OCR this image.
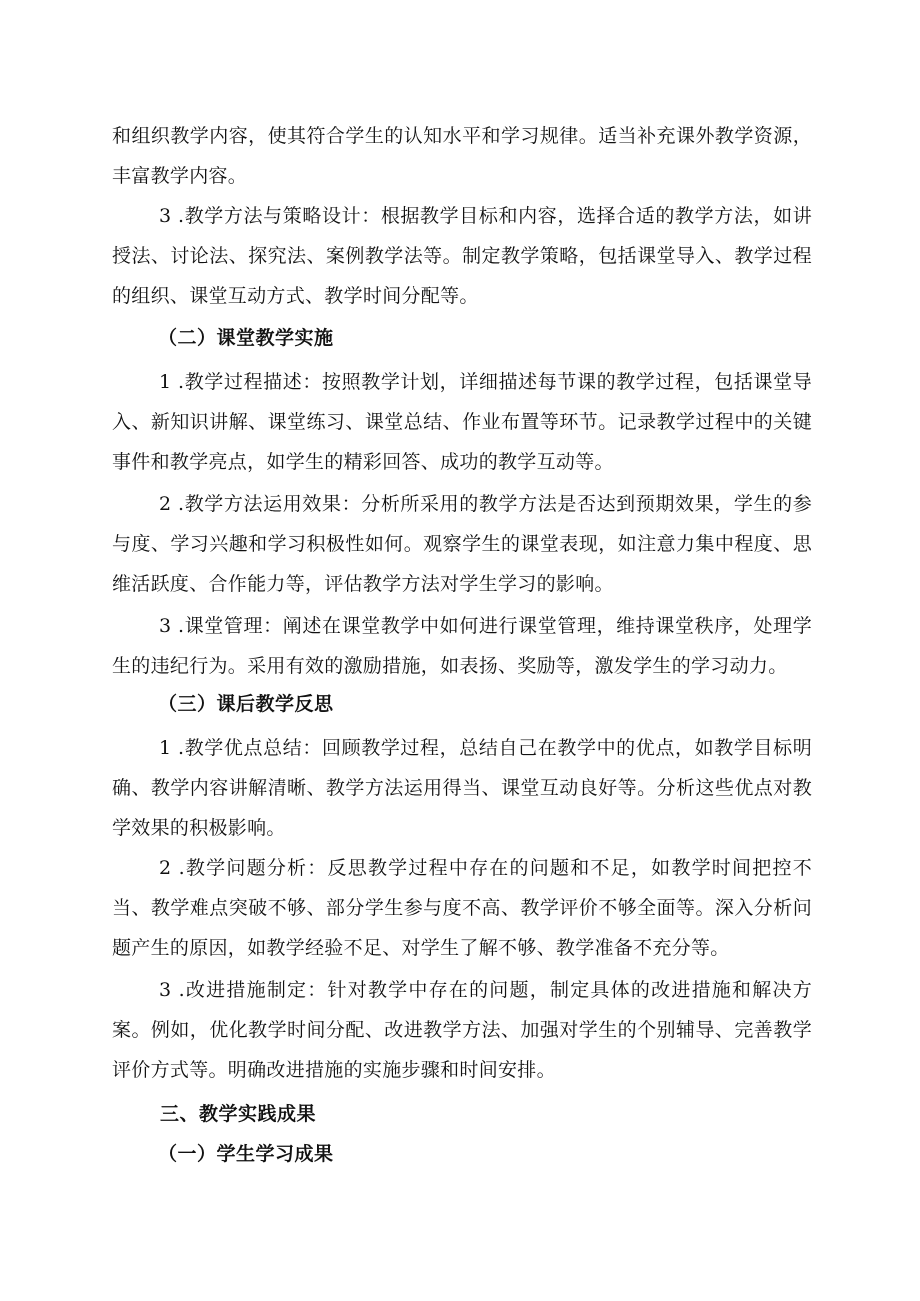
和组织教学内容，使其符合学生的认知水平和学习规律。适当补充课外教学资源，丰富教学内容。

3 .教学方法与策略设计：根据教学目标和内容，选择合适的教学方法，如讲授法、讨论法、探究法、案例教学法等。制定教学策略，包括课堂导入、教学过程的组织、课堂互动方式、教学时间分配等。

（二）课堂教学实施

1 .教学过程描述：按照教学计划，详细描述每节课的教学过程，包括课堂导入、新知识讲解、课堂练习、课堂总结、作业布置等环节。记录教学过程中的关键事件和教学亮点，如学生的精彩回答、成功的教学互动等。

2 .教学方法运用效果：分析所采用的教学方法是否达到预期效果，学生的参与度、学习兴趣和学习积极性如何。观察学生的课堂表现，如注意力集中程度、思维活跃度、合作能力等，评估教学方法对学生学习的影响。

3 .课堂管理：阐述在课堂教学中如何进行课堂管理，维持课堂秩序，处理学生的违纪行为。采用有效的激励措施，如表扬、奖励等，激发学生的学习动力。

（三）课后教学反思

1 .教学优点总结：回顾教学过程，总结自己在教学中的优点，如教学目标明确、教学内容讲解清晰、教学方法运用得当、课堂互动良好等。分析这些优点对教学效果的积极影响。

2 .教学问题分析：反思教学过程中存在的问题和不足，如教学时间把控不当、教学难点突破不够、部分学生参与度不高、教学评价不够全面等。深入分析问题产生的原因，如教学经验不足、对学生了解不够、教学准备不充分等。

3 .改进措施制定：针对教学中存在的问题，制定具体的改进措施和解决方案。例如，优化教学时间分配、改进教学方法、加强对学生的个别辅导、完善教学评价方式等。明确改进措施的实施步骤和时间安排。

三、教学实践成果
（一）学生学习成果
